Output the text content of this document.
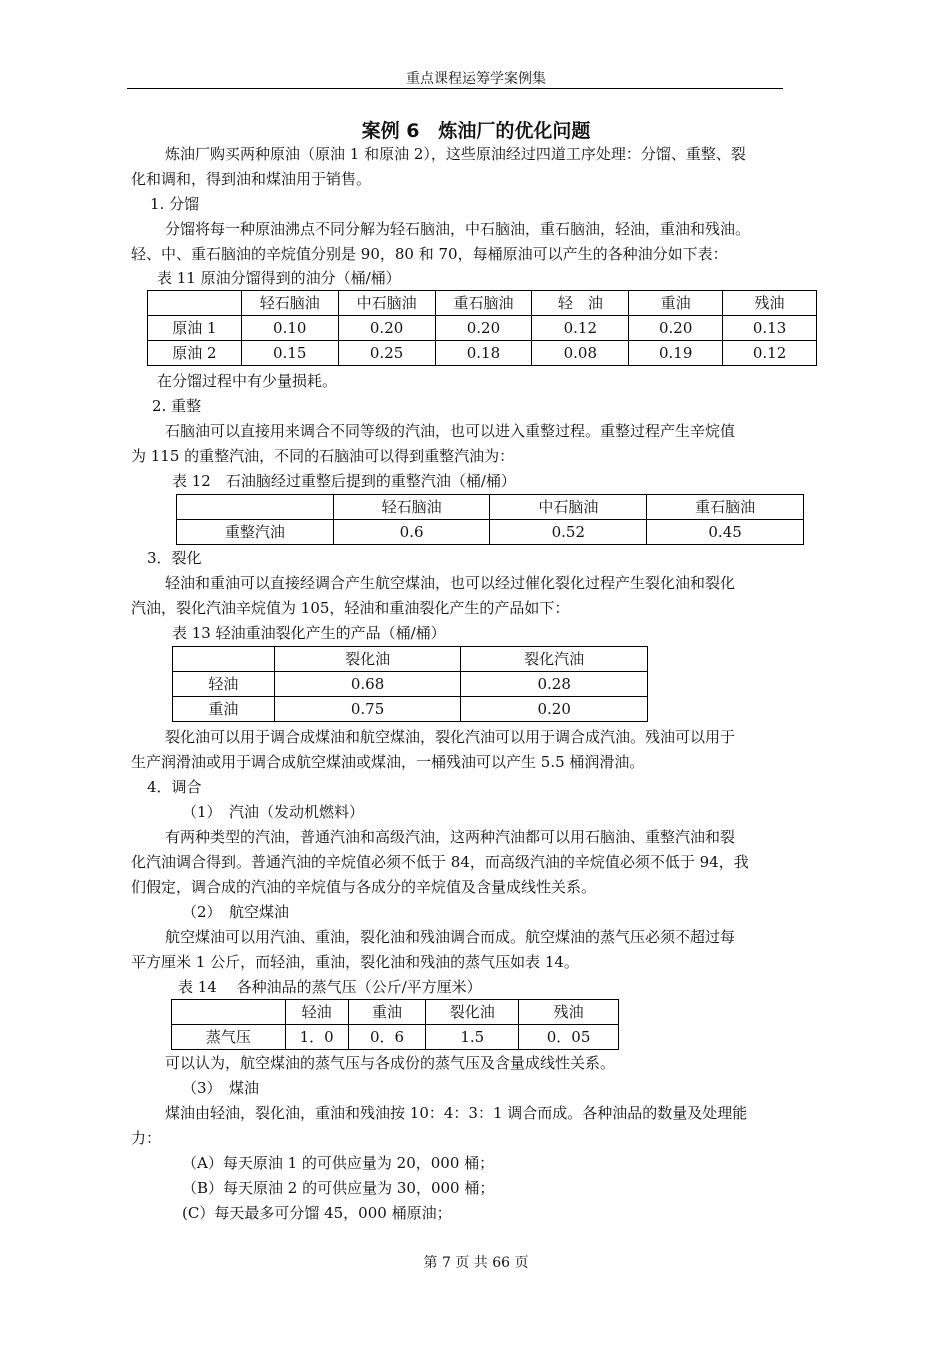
重点课程运筹学案例集
案例 6　炼油厂的优化问题
炼油厂购买两种原油（原油 1 和原油 2），这些原油经过四道工序处理：分馏、重整、裂
化和调和，得到油和煤油用于销售。
1. 分馏
分馏将每一种原油沸点不同分解为轻石脑油，中石脑油，重石脑油，轻油，重油和残油。
轻、中、重石脑油的辛烷值分别是 90，80 和 70，每桶原油可以产生的各种油分如下表：
表 11 原油分馏得到的油分（桶/桶）
	轻石脑油	中石脑油	重石脑油	轻　油	重油	残油
原油 1	0.10	0.20	0.20	0.12	0.20	0.13
原油 2	0.15	0.25	0.18	0.08	0.19	0.12
在分馏过程中有少量损耗。
2. 重整
石脑油可以直接用来调合不同等级的汽油，也可以进入重整过程。重整过程产生辛烷值
为 115 的重整汽油，不同的石脑油可以得到重整汽油为：
表 12　石油脑经过重整后提到的重整汽油（桶/桶）
	轻石脑油	中石脑油	重石脑油
重整汽油	0.6	0.52	0.45
3．裂化
轻油和重油可以直接经调合产生航空煤油，也可以经过催化裂化过程产生裂化油和裂化
汽油，裂化汽油辛烷值为 105，轻油和重油裂化产生的产品如下：
表 13 轻油重油裂化产生的产品（桶/桶）
	裂化油	裂化汽油
轻油	0.68	0.28
重油	0.75	0.20
裂化油可以用于调合成煤油和航空煤油，裂化汽油可以用于调合成汽油。残油可以用于
生产润滑油或用于调合成航空煤油或煤油，一桶残油可以产生 5.5 桶润滑油。
4．调合
（1）　汽油（发动机燃料）
有两种类型的汽油，普通汽油和高级汽油，这两种汽油都可以用石脑油、重整汽油和裂
化汽油调合得到。普通汽油的辛烷值必须不低于 84，而高级汽油的辛烷值必须不低于 94，我
们假定，调合成的汽油的辛烷值与各成分的辛烷值及含量成线性关系。
（2）　航空煤油
航空煤油可以用汽油、重油，裂化油和残油调合而成。航空煤油的蒸气压必须不超过每
平方厘米 1 公斤，而轻油，重油，裂化油和残油的蒸气压如表 14。
表 14　 各种油品的蒸气压（公斤/平方厘米）
	轻油	重油	裂化油	残油
蒸气压	1．0	0．6	1.5	0．05
可以认为，航空煤油的蒸气压与各成份的蒸气压及含量成线性关系。
（3）　煤油
煤油由轻油，裂化油，重油和残油按 10：4：3：1 调合而成。各种油品的数量及处理能
力：
（A）每天原油 1 的可供应量为 20，000 桶；
（B）每天原油 2 的可供应量为 30，000 桶；
(C）每天最多可分馏 45，000 桶原油；
第 7 页 共 66 页
